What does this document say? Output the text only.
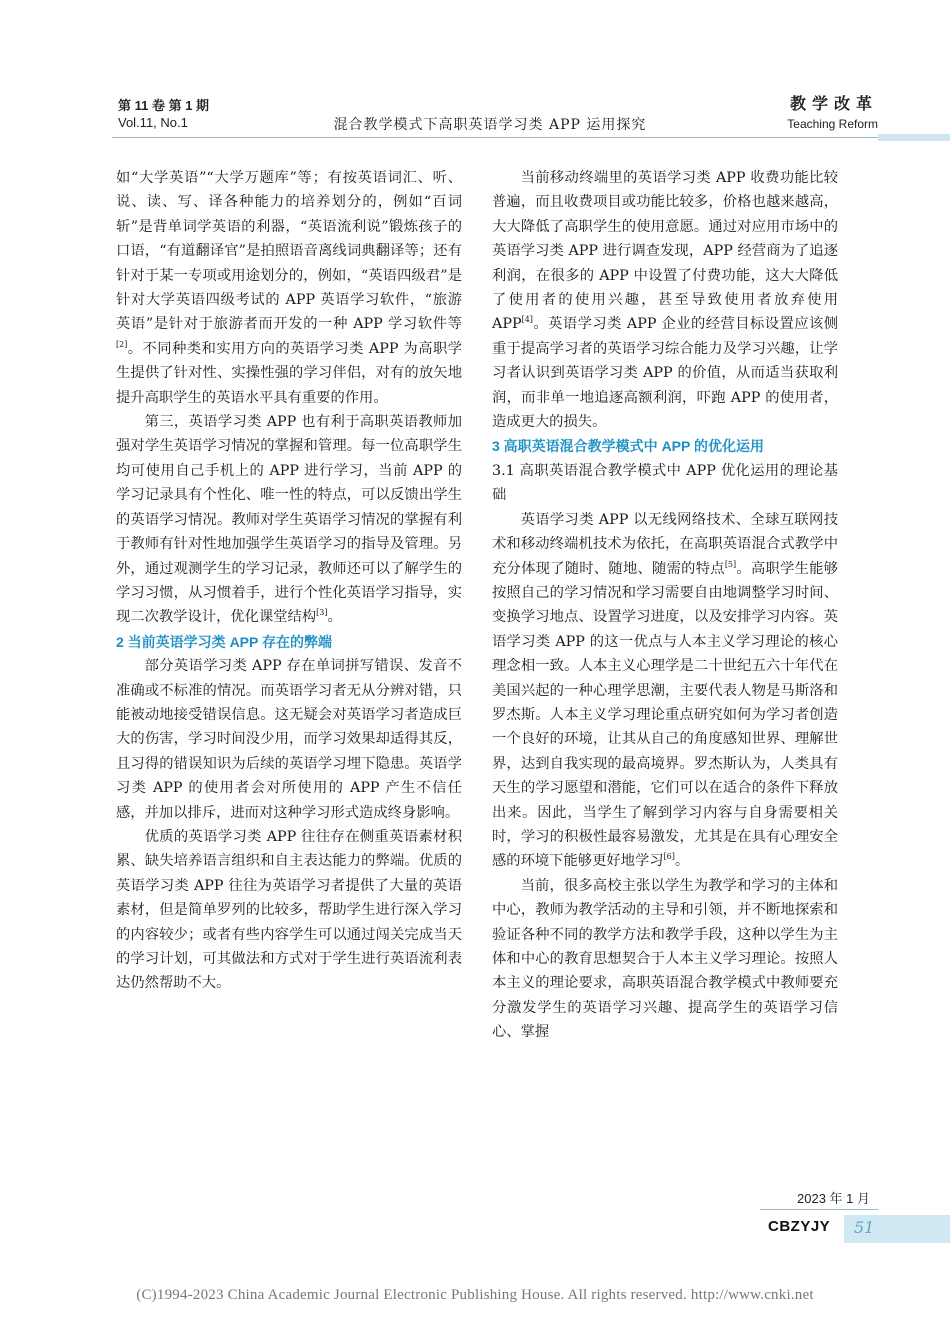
第 11 卷 第 1 期
Vol.11, No.1	混合教学模式下高职英语学习类 APP 运用探究
教学改革
Teaching Reform

如“大学英语”“大学万题库”等；有按英语词汇、听、说、读、写、译各种能力的培养划分的，例如“百词斩”是背单词学英语的利器，“英语流利说”锻炼孩子的口语，“有道翻译官”是拍照语音离线词典翻译等；还有针对于某一专项或用途划分的，例如，“英语四级君”是针对大学英语四级考试的 APP 英语学习软件，“旅游英语”是针对于旅游者而开发的一种 APP 学习软件等[2]。不同种类和实用方向的英语学习类 APP 为高职学生提供了针对性、实操性强的学习伴侣，对有的放矢地提升高职学生的英语水平具有重要的作用。

第三，英语学习类 APP 也有利于高职英语教师加强对学生英语学习情况的掌握和管理。每一位高职学生均可使用自己手机上的 APP 进行学习，当前 APP 的学习记录具有个性化、唯一性的特点，可以反馈出学生的英语学习情况。教师对学生英语学习情况的掌握有利于教师有针对性地加强学生英语学习的指导及管理。另外，通过观测学生的学习记录，教师还可以了解学生的学习习惯，从习惯着手，进行个性化英语学习指导，实现二次教学设计，优化课堂结构[3]。

2 当前英语学习类 APP 存在的弊端

部分英语学习类 APP 存在单词拼写错误、发音不准确或不标准的情况。而英语学习者无从分辨对错，只能被动地接受错误信息。这无疑会对英语学习者造成巨大的伤害，学习时间没少用，而学习效果却适得其反，且习得的错误知识为后续的英语学习埋下隐患。英语学习类 APP 的使用者会对所使用的 APP 产生不信任感，并加以排斥，进而对这种学习形式造成终身影响。

优质的英语学习类 APP 往往存在侧重英语素材积累、缺失培养语言组织和自主表达能力的弊端。优质的英语学习类 APP 往往为英语学习者提供了大量的英语素材，但是简单罗列的比较多，帮助学生进行深入学习的内容较少；或者有些内容学生可以通过闯关完成当天的学习计划，可其做法和方式对于学生进行英语流利表达仍然帮助不大。

当前移动终端里的英语学习类 APP 收费功能比较普遍，而且收费项目或功能比较多，价格也越来越高，大大降低了高职学生的使用意愿。通过对应用市场中的英语学习类 APP 进行调查发现，APP 经营商为了追逐利润，在很多的 APP 中设置了付费功能，这大大降低了使用者的使用兴趣，甚至导致使用者放弃使用 APP[4]。英语学习类 APP 企业的经营目标设置应该侧重于提高学习者的英语学习综合能力及学习兴趣，让学习者认识到英语学习类 APP 的价值，从而适当获取利润，而非单一地追逐高额利润，吓跑 APP 的使用者，造成更大的损失。

3 高职英语混合教学模式中 APP 的优化运用
3.1 高职英语混合教学模式中 APP 优化运用的理论基础

英语学习类 APP 以无线网络技术、全球互联网技术和移动终端机技术为依托，在高职英语混合式教学中充分体现了随时、随地、随需的特点[5]。高职学生能够按照自己的学习情况和学习需要自由地调整学习时间、变换学习地点、设置学习进度，以及安排学习内容。英语学习类 APP 的这一优点与人本主义学习理论的核心理念相一致。人本主义心理学是二十世纪五六十年代在美国兴起的一种心理学思潮，主要代表人物是马斯洛和罗杰斯。人本主义学习理论重点研究如何为学习者创造一个良好的环境，让其从自己的角度感知世界、理解世界，达到自我实现的最高境界。罗杰斯认为，人类具有天生的学习愿望和潜能，它们可以在适合的条件下释放出来。因此，当学生了解到学习内容与自身需要相关时，学习的积极性最容易激发，尤其是在具有心理安全感的环境下能够更好地学习[6]。

当前，很多高校主张以学生为教学和学习的主体和中心，教师为教学活动的主导和引领，并不断地探索和验证各种不同的教学方法和教学手段，这种以学生为主体和中心的教育思想契合于人本主义学习理论。按照人本主义的理论要求，高职英语混合教学模式中教师要充分激发学生的英语学习兴趣、提高学生的英语学习信心、掌握

2023 年 1 月
CBZYJY 51
(C)1994-2023 China Academic Journal Electronic Publishing House. All rights reserved. http://www.cnki.net
